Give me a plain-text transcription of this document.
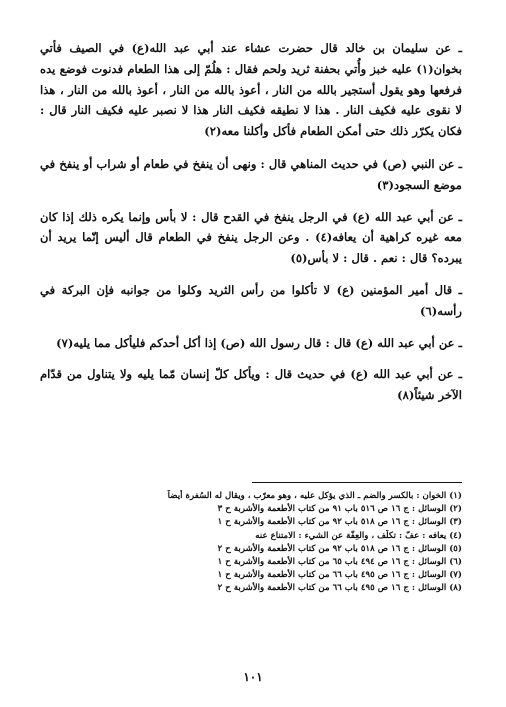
ـ عن سليمان بن خالد قال حضرت عشاء عند أبي عبد الله(ع) في الصيف فأتي بخوان(١) عليه خبز وأُتي بحفنة ثريد ولحم فقال : هلُمّ إلى هذا الطعام فدنوت فوضع يده فرفعها وهو يقول أستجير بالله من النار ، أعوذ بالله من النار ، أعوذ بالله من النار ، هذا لا نقوى عليه فكيف النار . هذا لا نطيقه فكيف النار هذا لا نصبر عليه فكيف النار قال : فكان يكرّر ذلك حتى أمكن الطعام فأكل وأكلنا معه(٢)

ـ عن النبي (ص) في حديث المناهي قال : ونهى أن ينفخ في طعام أو شراب أو ينفخ في موضع السجود(٣)

ـ عن أبي عبد الله (ع) في الرجل ينفخ في القدح قال : لا بأس وإنما يكره ذلك إذا كان معه غيره كراهية أن يعافه(٤) . وعن الرجل ينفخ في الطعام قال أليس إنّما يريد أن يبرده؟ قال : نعم . قال : لا بأس(٥)

ـ قال أمير المؤمنين (ع) لا تأكلوا من رأس الثريد وكلوا من جوانبه فإن البركة في رأسه(٦)

ـ عن أبي عبد الله (ع) قال : قال رسول الله (ص) إذا أكل أحدكم فليأكل مما يليه(٧)

ـ عن أبي عبد الله (ع) في حديث قال : ويأكل كلّ إنسان مّما يليه ولا يتناول من قدّام الآخر شيئاً(٨)

(١) الخوان : بالكسر والضم ـ الذي يؤكل عليه ، وهو معرّب ، ويقال له السُفرة أيضاً
(٢) الوسائل : ج ١٦ ص ٥١٦ باب ٩١ من كتاب الأطعمة والأشربة ح ٣
(٣) الوسائل : ج ١٦ ص ٥١٨ باب ٩٢ من كتاب الأطعمة والأشربة ح ١
(٤) يعافه : عفّ : تكلّف ، والعِفّة عن الشيء : الامتناع عنه
(٥) الوسائل : ج ١٦ ص ٥١٨ باب ٩٢ من كتاب الأطعمة والأشربة ح ٢
(٦) الوسائل : ج ١٦ ص ٤٩٤ باب ٦٥ من كتاب الأطعمة والأشربة ح ١
(٧) الوسائل : ج ١٦ ص ٤٩٥ باب ٦٦ من كتاب الأطعمة والأشربة ح ١
(٨) الوسائل : ج ١٦ ص ٤٩٥ باب ٦٦ من كتاب الأطعمة والأشربة ح ٢
١٠١
